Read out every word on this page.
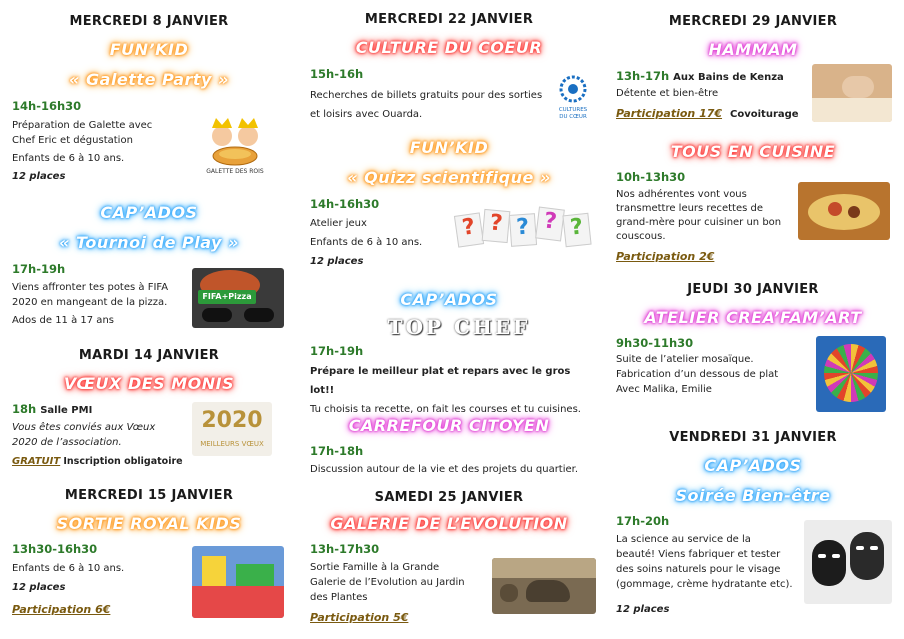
MERCREDI 8 JANVIER
FUN’KID
« Galette Party »
14h-16h30
Préparation de Galette avec
Chef Eric et dégustation
Enfants de 6 à 10 ans.
12 places	GALETTE DES ROIS
CAP’ADOS
« Tournoi de Play »
17h-19h
Viens affronter tes potes à FIFA
2020 en mangeant de la pizza.
Ados de 11 à 17 ans
FIFA+Pizza
MARDI 14 JANVIER
VŒUX DES MONIS
18h Salle PMI
Vous êtes conviés aux Vœux
2020 de l’association.
GRATUIT Inscription obligatoire
2020
MEILLEURS VŒUX
MERCREDI 15 JANVIER
SORTIE ROYAL KIDS
13h30-16h30
Enfants de 6 à 10 ans.
12 places
Participation 6€
MERCREDI 22 JANVIER
CULTURE DU COEUR
15h-16h
Recherches de billets gratuits pour des sorties
et loisirs avec Ouarda.	CULTURES
DU CŒUR
FUN’KID
« Quizz scientifique »
14h-16h30
Atelier jeux
Enfants de 6 à 10 ans.
12 places
? ? ? ? ?
CAP’ADOS
TOP CHEF
17h-19h
Prépare le meilleur plat et repars avec le gros lot!!
Tu choisis ta recette, on fait les courses et tu cuisines.
CARREFOUR CITOYEN
17h-18h
Discussion autour de la vie et des projets du quartier.
SAMEDI 25 JANVIER
GALERIE DE L’EVOLUTION
13h-17h30
Sortie Famille à la Grande
Galerie de l’Evolution au Jardin
des Plantes
Participation 5€
MERCREDI 29 JANVIER
HAMMAM
13h-17h Aux Bains de Kenza
Détente et bien-être
Participation 17€ Covoiturage
TOUS EN CUISINE
10h-13h30
Nos adhérentes vont vous
transmettre leurs recettes de
grand-mère pour cuisiner un bon
couscous.
Participation 2€
JEUDI 30 JANVIER
ATELIER CREA’FAM’ART
9h30-11h30
Suite de l’atelier mosaïque.
Fabrication d’un dessous de plat
Avec Malika, Emilie
VENDREDI 31 JANVIER
CAP’ADOS
Soirée Bien-être
17h-20h
La science au service de la
beauté! Viens fabriquer et tester
des soins naturels pour le visage
(gommage, crème hydratante etc).
12 places
